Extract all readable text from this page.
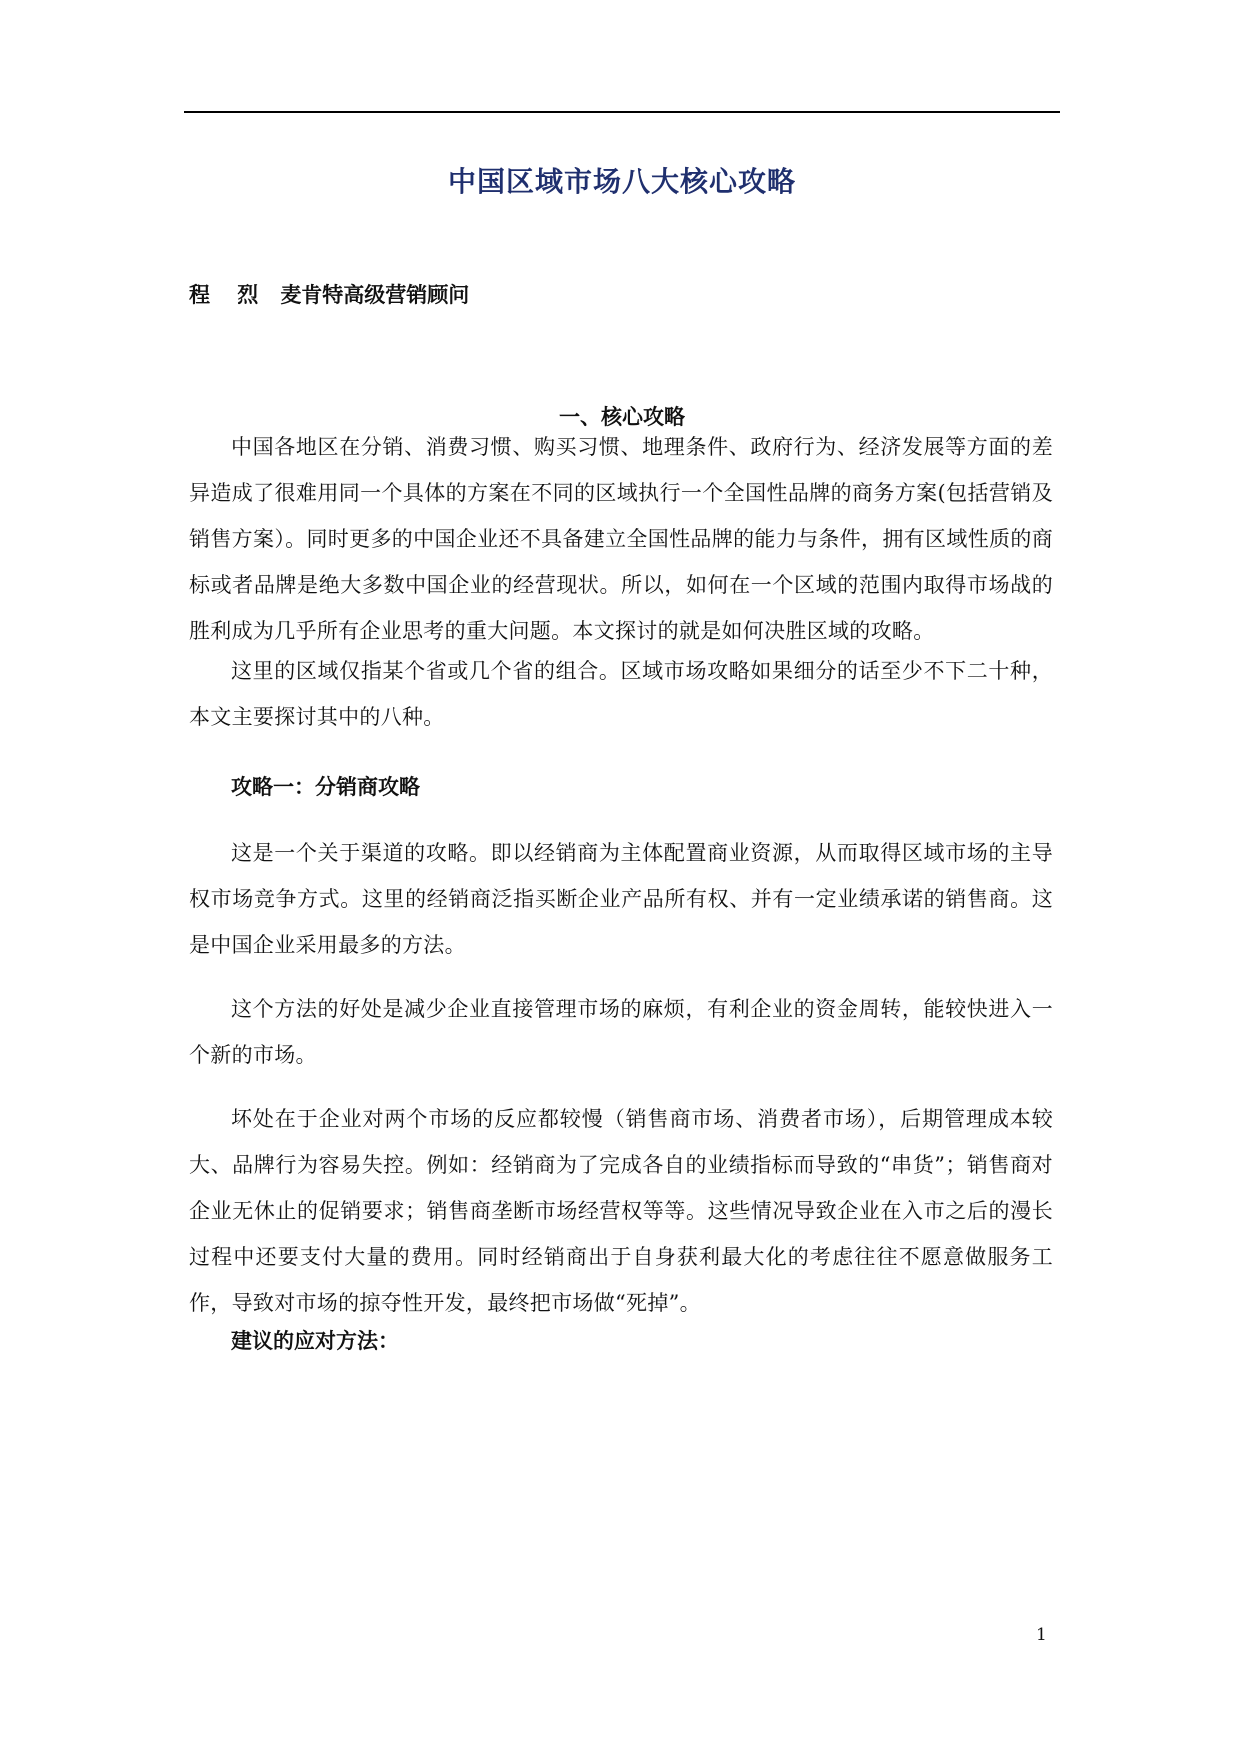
中国区域市场八大核心攻略

程 烈 麦肯特高级营销顾问

一、核心攻略

中国各地区在分销、消费习惯、购买习惯、地理条件、政府行为、经济发展等方面的差异造成了很难用同一个具体的方案在不同的区域执行一个全国性品牌的商务方案(包括营销及销售方案）。同时更多的中国企业还不具备建立全国性品牌的能力与条件，拥有区域性质的商标或者品牌是绝大多数中国企业的经营现状。所以，如何在一个区域的范围内取得市场战的胜利成为几乎所有企业思考的重大问题。本文探讨的就是如何决胜区域的攻略。

这里的区域仅指某个省或几个省的组合。区域市场攻略如果细分的话至少不下二十种，本文主要探讨其中的八种。

攻略一：分销商攻略

这是一个关于渠道的攻略。即以经销商为主体配置商业资源，从而取得区域市场的主导权市场竞争方式。这里的经销商泛指买断企业产品所有权、并有一定业绩承诺的销售商。这是中国企业采用最多的方法。

这个方法的好处是减少企业直接管理市场的麻烦，有利企业的资金周转，能较快进入一个新的市场。

坏处在于企业对两个市场的反应都较慢（销售商市场、消费者市场），后期管理成本较大、品牌行为容易失控。例如：经销商为了完成各自的业绩指标而导致的“串货”；销售商对企业无休止的促销要求；销售商垄断市场经营权等等。这些情况导致企业在入市之后的漫长过程中还要支付大量的费用。同时经销商出于自身获利最大化的考虑往往不愿意做服务工作，导致对市场的掠夺性开发，最终把市场做“死掉”。

建议的应对方法：

1
